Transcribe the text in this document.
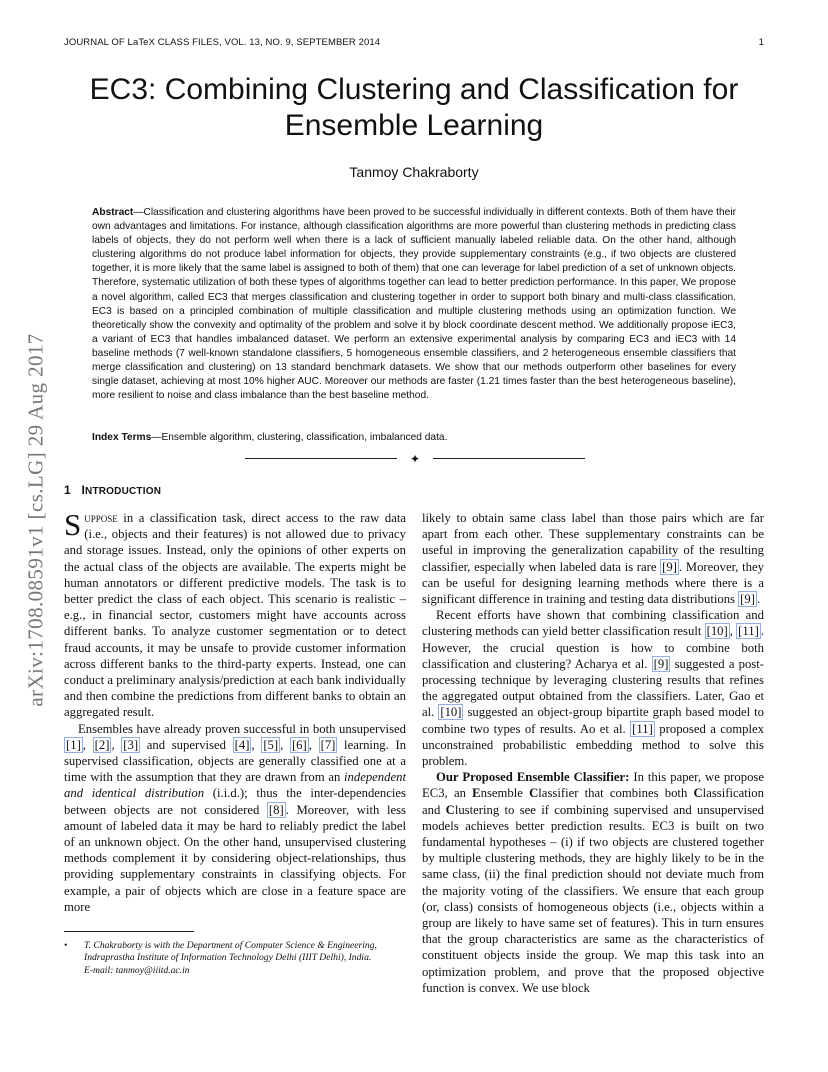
JOURNAL OF LaTeX CLASS FILES, VOL. 13, NO. 9, SEPTEMBER 2014	1
arXiv:1708.08591v1 [cs.LG] 29 Aug 2017
EC3: Combining Clustering and Classification for
Ensemble Learning
Tanmoy Chakraborty
Abstract—Classification and clustering algorithms have been proved to be successful individually in different contexts. Both of them have their own advantages and limitations. For instance, although classification algorithms are more powerful than clustering methods in predicting class labels of objects, they do not perform well when there is a lack of sufficient manually labeled reliable data. On the other hand, although clustering algorithms do not produce label information for objects, they provide supplementary constraints (e.g., if two objects are clustered together, it is more likely that the same label is assigned to both of them) that one can leverage for label prediction of a set of unknown objects. Therefore, systematic utilization of both these types of algorithms together can lead to better prediction performance. In this paper, We propose a novel algorithm, called EC3 that merges classification and clustering together in order to support both binary and multi-class classification. EC3 is based on a principled combination of multiple classification and multiple clustering methods using an optimization function. We theoretically show the convexity and optimality of the problem and solve it by block coordinate descent method. We additionally propose iEC3, a variant of EC3 that handles imbalanced dataset. We perform an extensive experimental analysis by comparing EC3 and iEC3 with 14 baseline methods (7 well-known standalone classifiers, 5 homogeneous ensemble classifiers, and 2 heterogeneous ensemble classifiers that merge classification and clustering) on 13 standard benchmark datasets. We show that our methods outperform other baselines for every single dataset, achieving at most 10% higher AUC. Moreover our methods are faster (1.21 times faster than the best heterogeneous baseline), more resilient to noise and class imbalance than the best baseline method.
Index Terms—Ensemble algorithm, clustering, classification, imbalanced data.
✦
1 INTRODUCTION

Suppose in a classification task, direct access to the raw data (i.e., objects and their features) is not allowed due to privacy and storage issues. Instead, only the opinions of other experts on the actual class of the objects are available. The experts might be human annotators or different predictive models. The task is to better predict the class of each object. This scenario is realistic – e.g., in financial sector, customers might have accounts across different banks. To analyze customer segmentation or to detect fraud accounts, it may be unsafe to provide customer information across different banks to the third-party experts. Instead, one can conduct a preliminary analysis/prediction at each bank individually and then combine the predictions from different banks to obtain an aggregated result.

Ensembles have already proven successful in both unsupervised [1] , [2] , [3] and supervised [4] , [5] , [6] , [7] learning. In supervised classification, objects are generally classified one at a time with the assumption that they are drawn from an independent and identical distribution (i.i.d.); thus the inter-dependencies between objects are not considered [8] . Moreover, with less amount of labeled data it may be hard to reliably predict the label of an unknown object. On the other hand, unsupervised clustering methods complement it by considering object-relationships, thus providing supplementary constraints in classifying objects. For example, a pair of objects which are close in a feature space are more

likely to obtain same class label than those pairs which are far apart from each other. These supplementary constraints can be useful in improving the generalization capability of the resulting classifier, especially when labeled data is rare [9] . Moreover, they can be useful for designing learning methods where there is a significant difference in training and testing data distributions [9] .

Recent efforts have shown that combining classification and clustering methods can yield better classification result [10] , [11] . However, the crucial question is how to combine both classification and clustering? Acharya et al. [9] suggested a post-processing technique by leveraging clustering results that refines the aggregated output obtained from the classifiers. Later, Gao et al. [10] suggested an object-group bipartite graph based model to combine two types of results. Ao et al. [11] proposed a complex unconstrained probabilistic embedding method to solve this problem.

Our Proposed Ensemble Classifier: In this paper, we propose EC3, an Ensemble Classifier that combines both Classification and Clustering to see if combining supervised and unsupervised models achieves better prediction results. EC3 is built on two fundamental hypotheses – (i) if two objects are clustered together by multiple clustering methods, they are highly likely to be in the same class, (ii) the final prediction should not deviate much from the majority voting of the classifiers. We ensure that each group (or, class) consists of homogeneous objects (i.e., objects within a group are likely to have same set of features). This in turn ensures that the group characteristics are same as the characteristics of constituent objects inside the group. We map this task into an optimization problem, and prove that the proposed objective function is convex. We use block

• T. Chakraborty is with the Department of Computer Science & Engineering, Indraprastha Institute of Information Technology Delhi (IIIT Delhi), India.
E-mail: tanmoy@iiitd.ac.in
